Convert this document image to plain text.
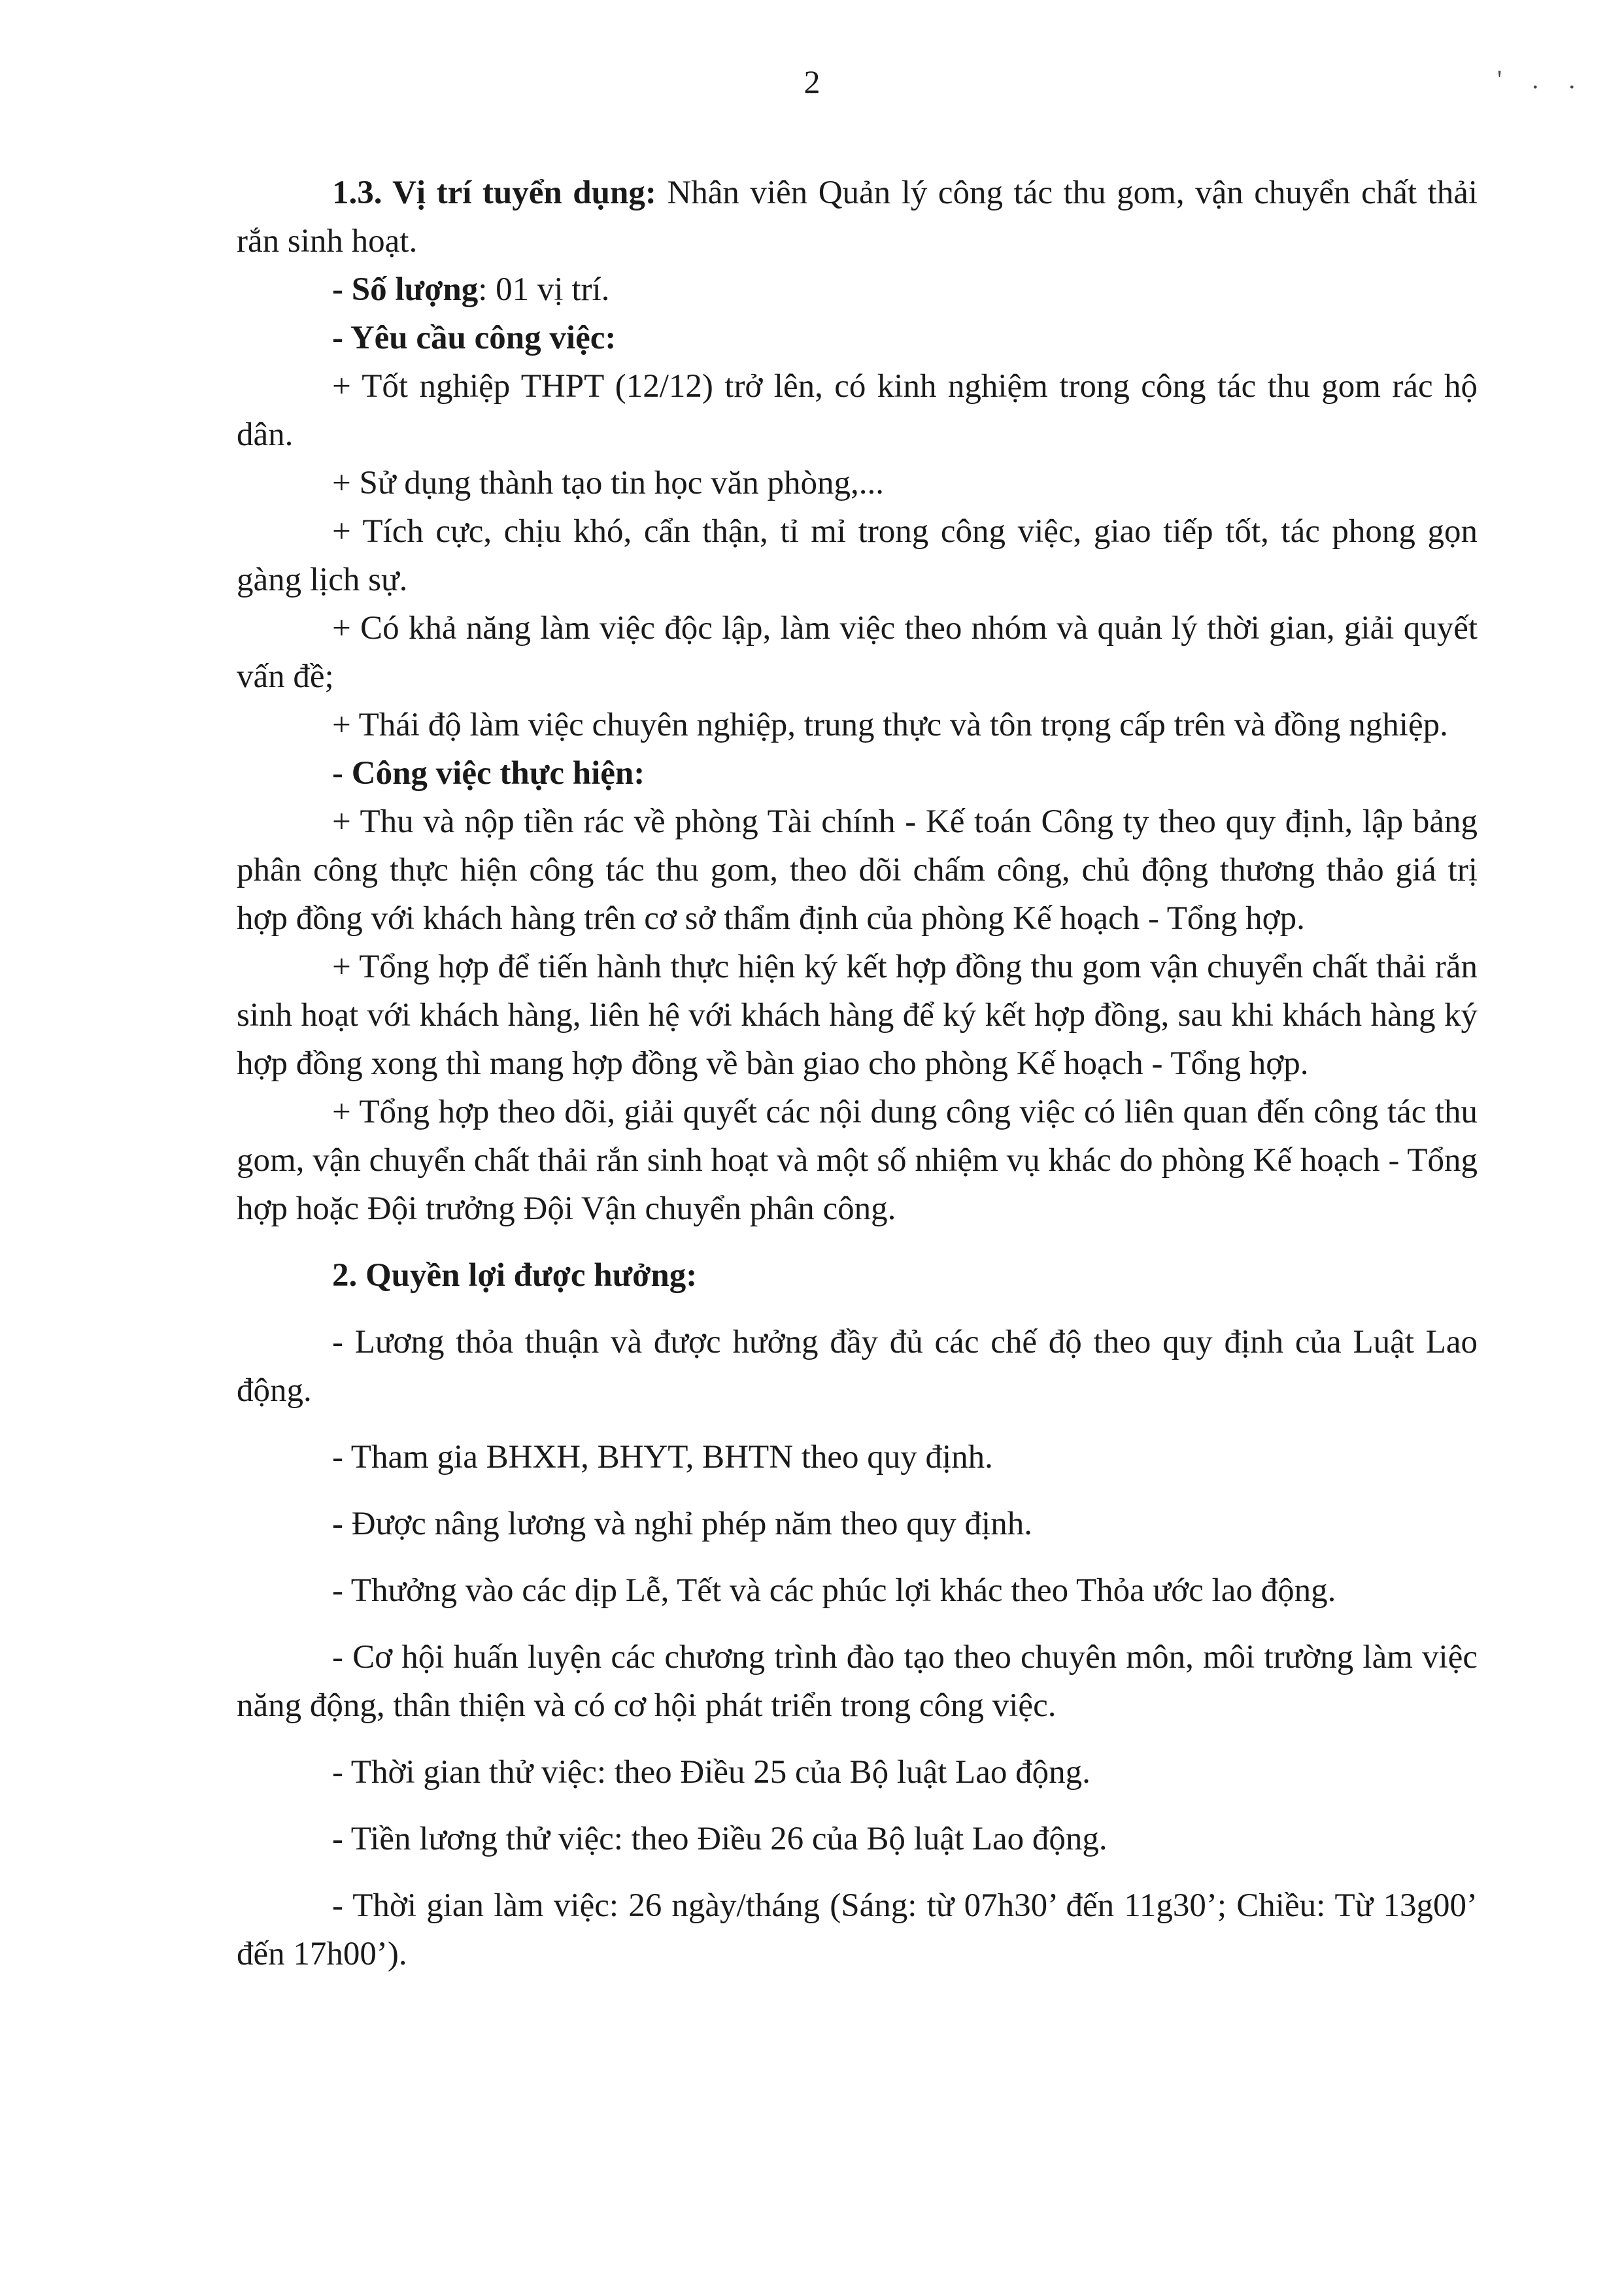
2	' . .

1.3. Vị trí tuyển dụng: Nhân viên Quản lý công tác thu gom, vận chuyển chất thải rắn sinh hoạt.

- Số lượng: 01 vị trí.

- Yêu cầu công việc:

+ Tốt nghiệp THPT (12/12) trở lên, có kinh nghiệm trong công tác thu gom rác hộ dân.

+ Sử dụng thành tạo tin học văn phòng,...

+ Tích cực, chịu khó, cẩn thận, tỉ mỉ trong công việc, giao tiếp tốt, tác phong gọn gàng lịch sự.

+ Có khả năng làm việc độc lập, làm việc theo nhóm và quản lý thời gian, giải quyết vấn đề;

+ Thái độ làm việc chuyên nghiệp, trung thực và tôn trọng cấp trên và đồng nghiệp.

- Công việc thực hiện:

+ Thu và nộp tiền rác về phòng Tài chính - Kế toán Công ty theo quy định, lập bảng phân công thực hiện công tác thu gom, theo dõi chấm công, chủ động thương thảo giá trị hợp đồng với khách hàng trên cơ sở thẩm định của phòng Kế hoạch - Tổng hợp.

+ Tổng hợp để tiến hành thực hiện ký kết hợp đồng thu gom vận chuyển chất thải rắn sinh hoạt với khách hàng, liên hệ với khách hàng để ký kết hợp đồng, sau khi khách hàng ký hợp đồng xong thì mang hợp đồng về bàn giao cho phòng Kế hoạch - Tổng hợp.

+ Tổng hợp theo dõi, giải quyết các nội dung công việc có liên quan đến công tác thu gom, vận chuyển chất thải rắn sinh hoạt và một số nhiệm vụ khác do phòng Kế hoạch - Tổng hợp hoặc Đội trưởng Đội Vận chuyển phân công.

2. Quyền lợi được hưởng:

- Lương thỏa thuận và được hưởng đầy đủ các chế độ theo quy định của Luật Lao động.

- Tham gia BHXH, BHYT, BHTN theo quy định.

- Được nâng lương và nghỉ phép năm theo quy định.

- Thưởng vào các dịp Lễ, Tết và các phúc lợi khác theo Thỏa ước lao động.

- Cơ hội huấn luyện các chương trình đào tạo theo chuyên môn, môi trường làm việc năng động, thân thiện và có cơ hội phát triển trong công việc.

- Thời gian thử việc: theo Điều 25 của Bộ luật Lao động.

- Tiền lương thử việc: theo Điều 26 của Bộ luật Lao động.

- Thời gian làm việc: 26 ngày/tháng (Sáng: từ 07h30’ đến 11g30’; Chiều: Từ 13g00’ đến 17h00’).
